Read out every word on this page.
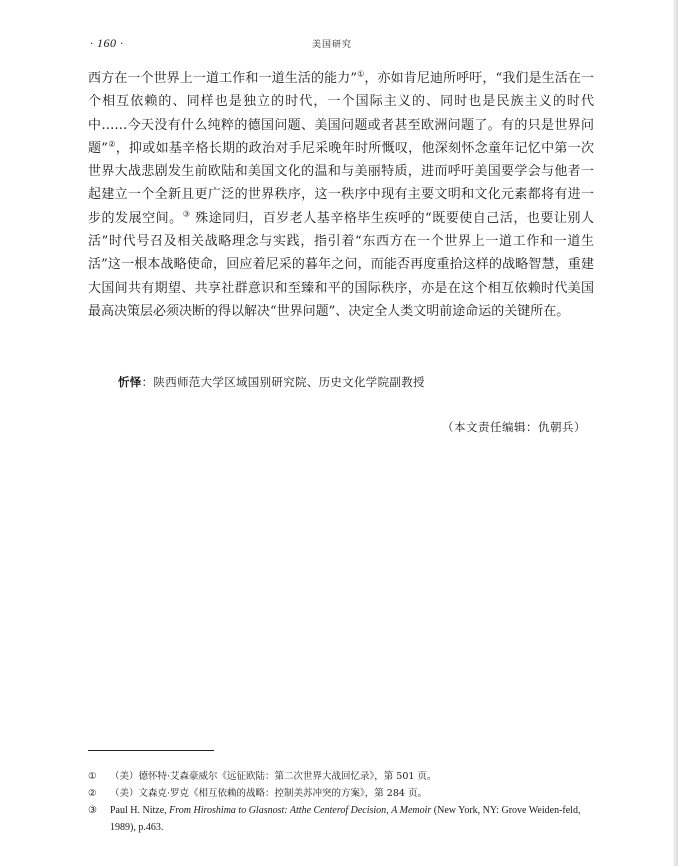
· 160 ·	美国研究

西方在一个世界上一道工作和一道生活的能力”①，亦如肯尼迪所呼吁，“我们是生活在一个相互依赖的、同样也是独立的时代，一个国际主义的、同时也是民族主义的时代中……今天没有什么纯粹的德国问题、美国问题或者甚至欧洲问题了。有的只是世界问题”②，抑或如基辛格长期的政治对手尼采晚年时所慨叹，他深刻怀念童年记忆中第一次世界大战悲剧发生前欧陆和美国文化的温和与美丽特质，进而呼吁美国要学会与他者一起建立一个全新且更广泛的世界秩序，这一秩序中现有主要文明和文化元素都将有进一步的发展空间。③ 殊途同归，百岁老人基辛格毕生疾呼的“既要使自己活，也要让别人活”时代号召及相关战略理念与实践，指引着“东西方在一个世界上一道工作和一道生活”这一根本战略使命，回应着尼采的暮年之问，而能否再度重拾这样的战略智慧，重建大国间共有期望、共享社群意识和至臻和平的国际秩序，亦是在这个相互依赖时代美国最高决策层必须决断的得以解决“世界问题”、决定全人类文明前途命运的关键所在。

忻怿：陕西师范大学区域国别研究院、历史文化学院副教授
（本文责任编辑：仇朝兵）
① （美）德怀特·艾森豪威尔《远征欧陆：第二次世界大战回忆录》，第 501 页。
② （美）文森克·罗克《相互依赖的战略：控制美苏冲突的方案》，第 284 页。
③ Paul H. Nitze, From Hiroshima to Glasnost: Atthe Centerof Decision, A Memoir (New York, NY: Grove Weiden-feld, 1989), p.463.
